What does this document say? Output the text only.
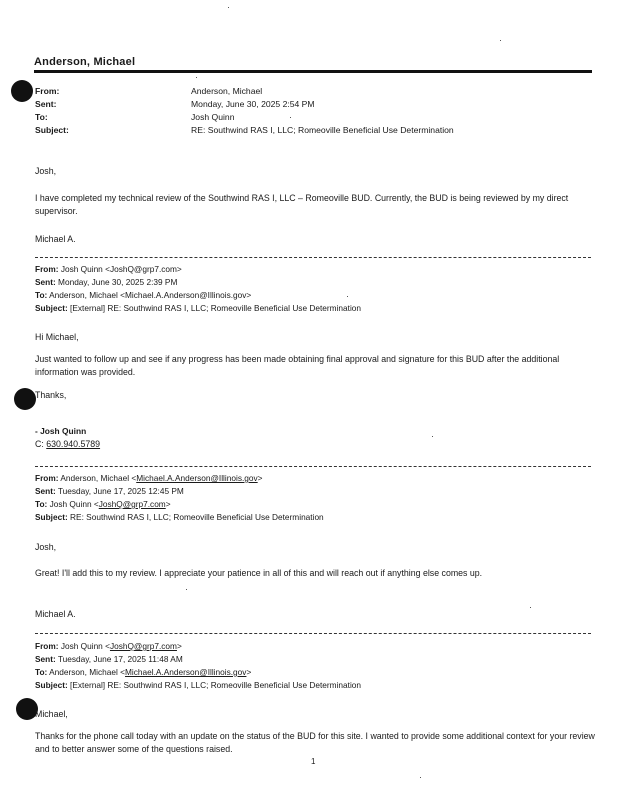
Anderson, Michael
From:
Sent:
To:
Subject:
Anderson, Michael
Monday, June 30, 2025 2:54 PM
Josh Quinn
RE: Southwind RAS I, LLC; Romeoville Beneficial Use Determination
Josh,
I have completed my technical review of the Southwind RAS I, LLC – Romeoville BUD. Currently, the BUD is being reviewed by my direct supervisor.
Michael A.
From: Josh Quinn <JoshQ@grp7.com>
Sent: Monday, June 30, 2025 2:39 PM
To: Anderson, Michael <Michael.A.Anderson@Illinois.gov>
Subject: [External] RE: Southwind RAS I, LLC; Romeoville Beneficial Use Determination
Hi Michael,
Just wanted to follow up and see if any progress has been made obtaining final approval and signature for this BUD after the additional information was provided.
Thanks,
- Josh Quinn
C: 630.940.5789
From: Anderson, Michael <Michael.A.Anderson@Illinois.gov>
Sent: Tuesday, June 17, 2025 12:45 PM
To: Josh Quinn <JoshQ@grp7.com>
Subject: RE: Southwind RAS I, LLC; Romeoville Beneficial Use Determination
Josh,
Great! I'll add this to my review. I appreciate your patience in all of this and will reach out if anything else comes up.
Michael A.
From: Josh Quinn <JoshQ@grp7.com>
Sent: Tuesday, June 17, 2025 11:48 AM
To: Anderson, Michael <Michael.A.Anderson@Illinois.gov>
Subject: [External] RE: Southwind RAS I, LLC; Romeoville Beneficial Use Determination
Michael,
Thanks for the phone call today with an update on the status of the BUD for this site. I wanted to provide some additional context for your review and to better answer some of the questions raised.
1
